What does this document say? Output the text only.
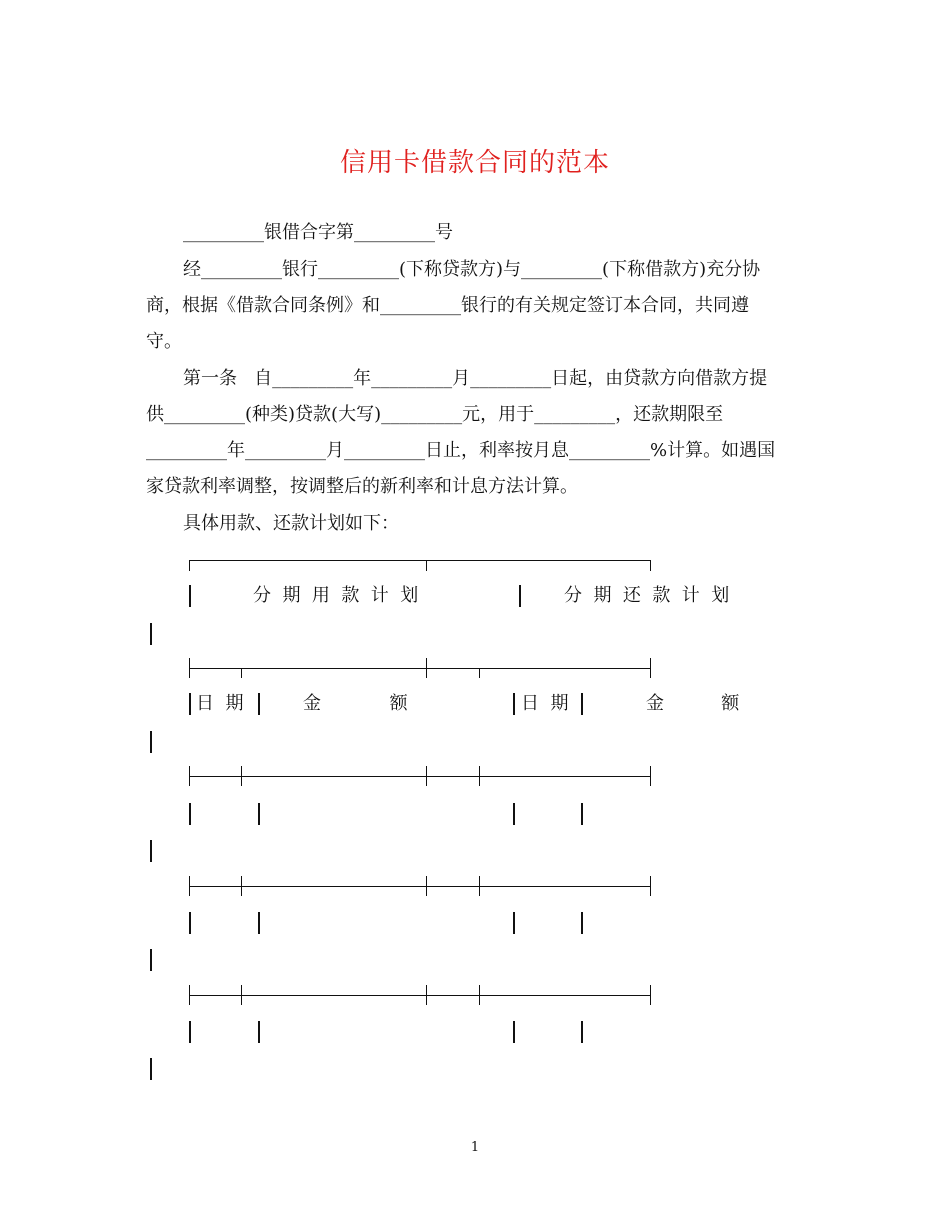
信用卡借款合同的范本
_________银借合字第_________号
经_________银行_________(下称贷款方)与_________(下称借款方)充分协
商，根据《借款合同条例》和_________银行的有关规定签订本合同，共同遵
守。
第一条   自_________年_________月_________日起，由贷款方向借款方提
供_________(种类)贷款(大写)_________元，用于_________，还款期限至
_________年_________月_________日止，利率按月息_________%计算。如遇国
家贷款利率调整，按调整后的新利率和计息方法计算。
具体用款、还款计划如下：
分  期  用  款  计  划	分  期  还  款  计  划
日  期	金            额	日  期	金          额
1
